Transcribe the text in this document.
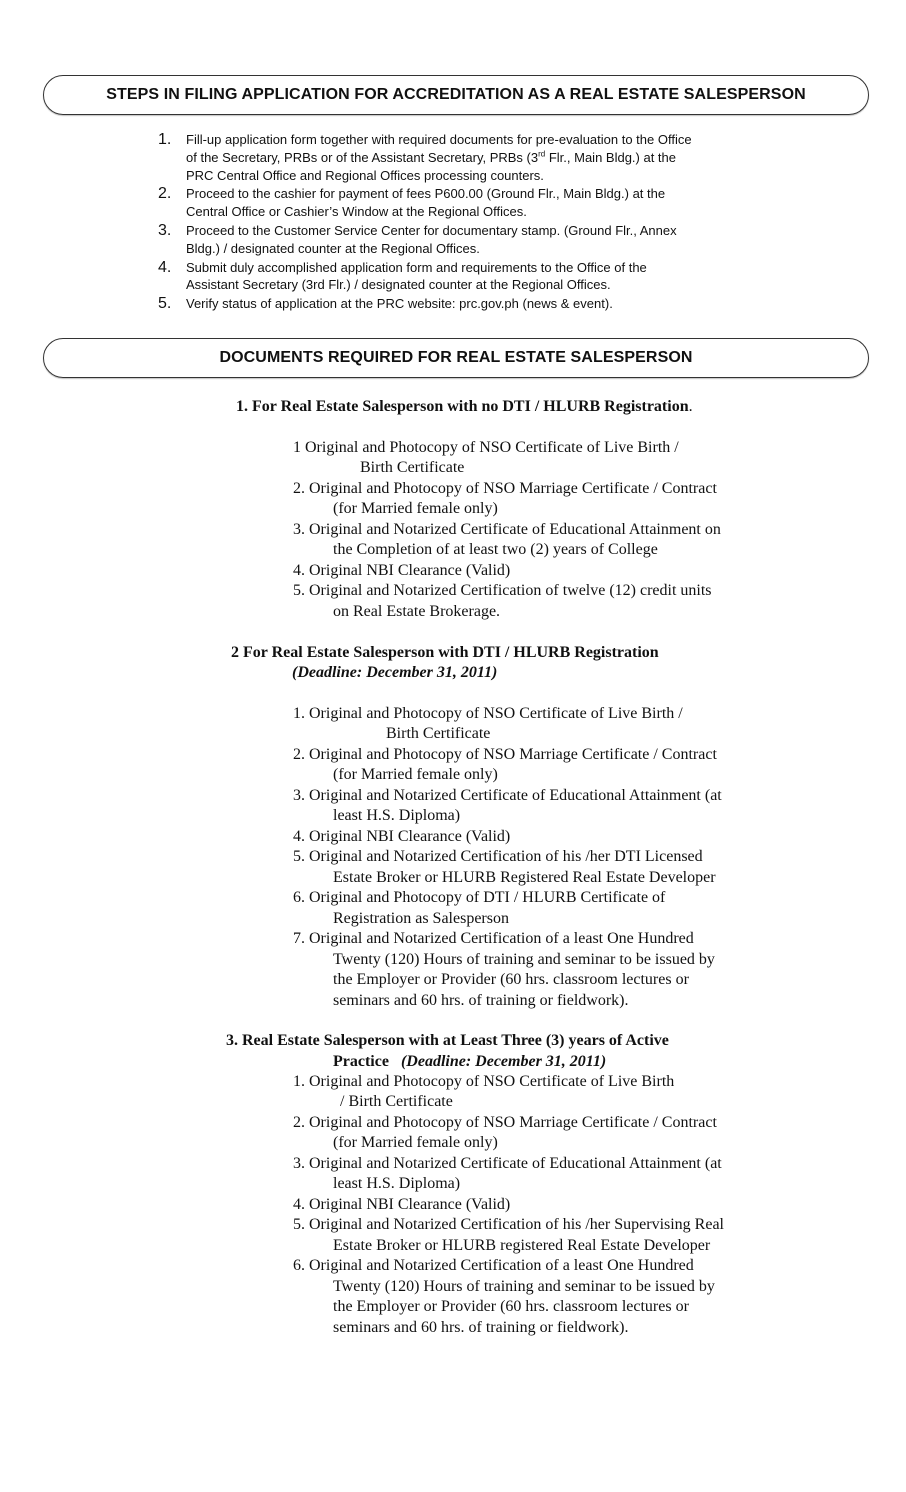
STEPS IN FILING APPLICATION FOR ACCREDITATION AS A REAL ESTATE SALESPERSON
1.	Fill-up application form together with required documents for pre-evaluation to the Office
of the Secretary, PRBs or of the Assistant Secretary, PRBs (3rd Flr., Main Bldg.) at the
PRC Central Office and Regional Offices processing counters.
2.	Proceed to the cashier for payment of fees P600.00 (Ground Flr., Main Bldg.) at the
Central Office or Cashier’s Window at the Regional Offices.
3.	Proceed to the Customer Service Center for documentary stamp. (Ground Flr., Annex
Bldg.) / designated counter at the Regional Offices.
4.	Submit duly accomplished application form and requirements to the Office of the
Assistant Secretary (3rd Flr.) / designated counter at the Regional Offices.
5.	Verify status of application at the PRC website: prc.gov.ph (news & event).
DOCUMENTS REQUIRED FOR REAL ESTATE SALESPERSON
1. For Real Estate Salesperson with no DTI / HLURB Registration.
1 Original and Photocopy of NSO Certificate of Live Birth /
Birth Certificate
2. Original and Photocopy of NSO Marriage Certificate / Contract
(for Married female only)
3. Original and Notarized Certificate of Educational Attainment on
the Completion of at least two (2) years of College
4. Original NBI Clearance (Valid)
5. Original and Notarized Certification of twelve (12) credit units
on Real Estate Brokerage.
2 For Real Estate Salesperson with DTI / HLURB Registration
(Deadline: December 31, 2011)
1. Original and Photocopy of NSO Certificate of Live Birth /
Birth Certificate
2. Original and Photocopy of NSO Marriage Certificate / Contract
(for Married female only)
3. Original and Notarized Certificate of Educational Attainment (at
least H.S. Diploma)
4. Original NBI Clearance (Valid)
5. Original and Notarized Certification of his /her DTI Licensed
Estate Broker or HLURB Registered Real Estate Developer
6. Original and Photocopy of DTI / HLURB Certificate of
Registration as Salesperson
7. Original and Notarized Certification of a least One Hundred
Twenty (120) Hours of training and seminar to be issued by
the Employer or Provider (60 hrs. classroom lectures or
seminars and 60 hrs. of training or fieldwork).
3. Real Estate Salesperson with at Least Three (3) years of Active
Practice (Deadline: December 31, 2011)
1. Original and Photocopy of NSO Certificate of Live Birth
/ Birth Certificate
2. Original and Photocopy of NSO Marriage Certificate / Contract
(for Married female only)
3. Original and Notarized Certificate of Educational Attainment (at
least H.S. Diploma)
4. Original NBI Clearance (Valid)
5. Original and Notarized Certification of his /her Supervising Real
Estate Broker or HLURB registered Real Estate Developer
6. Original and Notarized Certification of a least One Hundred
Twenty (120) Hours of training and seminar to be issued by
the Employer or Provider (60 hrs. classroom lectures or
seminars and 60 hrs. of training or fieldwork).
